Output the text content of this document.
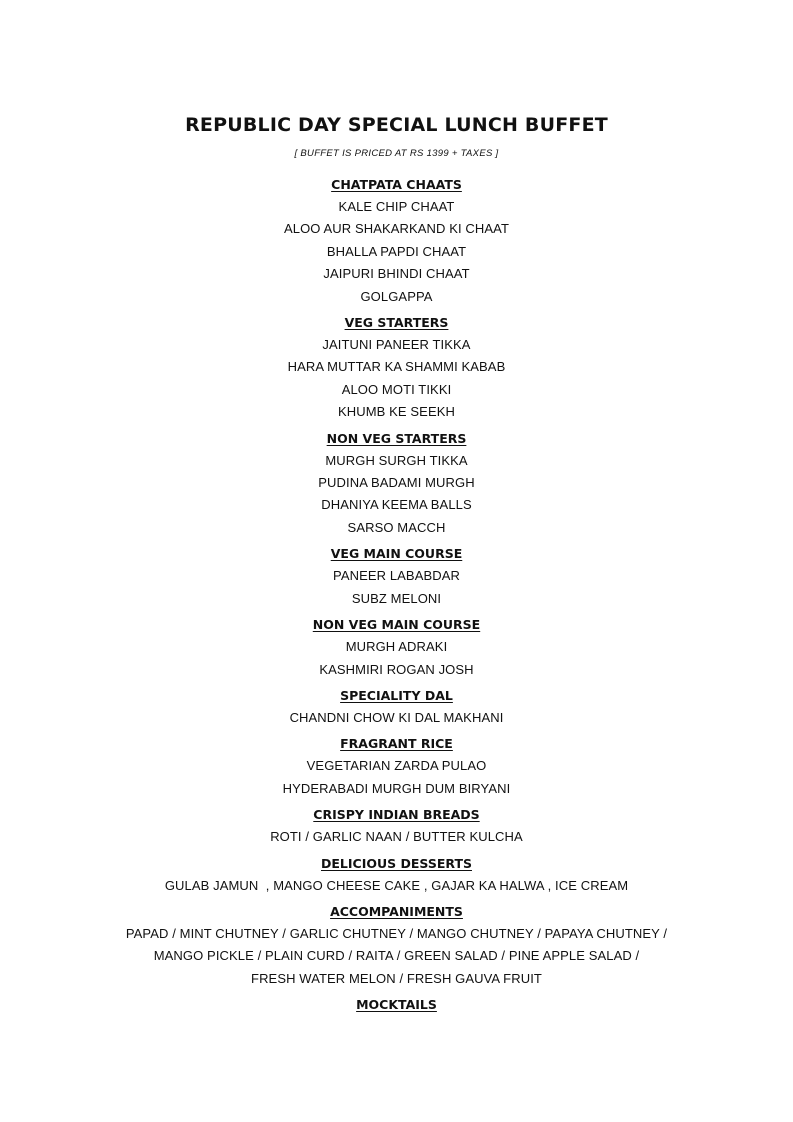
REPUBLIC DAY SPECIAL LUNCH BUFFET

[ BUFFET IS PRICED AT RS 1399 + TAXES ]

CHATPATA CHAATS
KALE CHIP CHAAT
ALOO AUR SHAKARKAND KI CHAAT
BHALLA PAPDI CHAAT
JAIPURI BHINDI CHAAT
GOLGAPPA
VEG STARTERS
JAITUNI PANEER TIKKA
HARA MUTTAR KA SHAMMI KABAB
ALOO MOTI TIKKI
KHUMB KE SEEKH
NON VEG STARTERS
MURGH SURGH TIKKA
PUDINA BADAMI MURGH
DHANIYA KEEMA BALLS
SARSO MACCH
VEG MAIN COURSE
PANEER LABABDAR
SUBZ MELONI
NON VEG MAIN COURSE
MURGH ADRAKI
KASHMIRI ROGAN JOSH
SPECIALITY DAL
CHANDNI CHOW KI DAL MAKHANI
FRAGRANT RICE
VEGETARIAN ZARDA PULAO
HYDERABADI MURGH DUM BIRYANI
CRISPY INDIAN BREADS
ROTI / GARLIC NAAN / BUTTER KULCHA
DELICIOUS DESSERTS
GULAB JAMUN  , MANGO CHEESE CAKE , GAJAR KA HALWA , ICE CREAM
ACCOMPANIMENTS
PAPAD / MINT CHUTNEY / GARLIC CHUTNEY / MANGO CHUTNEY / PAPAYA CHUTNEY /
MANGO PICKLE / PLAIN CURD / RAITA / GREEN SALAD / PINE APPLE SALAD /
FRESH WATER MELON / FRESH GAUVA FRUIT
MOCKTAILS
